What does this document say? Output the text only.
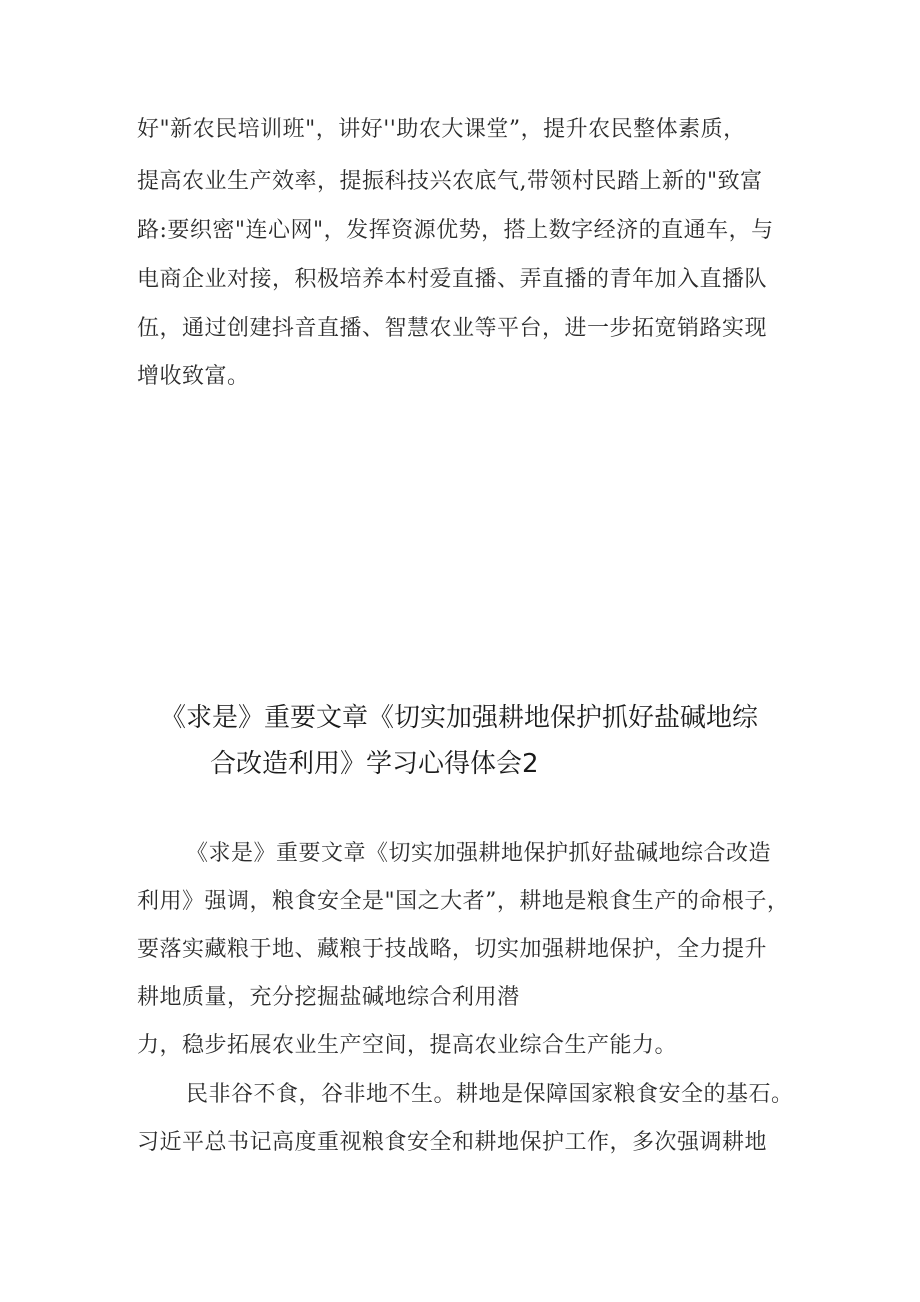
好"新农民培训班"，讲好''助农大课堂”，提升农民整体素质，
提高农业生产效率，提振科技兴农底气,带领村民踏上新的"致富
路:要织密"连心网"，发挥资源优势，搭上数字经济的直通车，与
电商企业对接，积极培养本村爱直播、弄直播的青年加入直播队
伍，通过创建抖音直播、智慧农业等平台，进一步拓宽销路实现
增收致富。
《求是》重要文章《切实加强耕地保护抓好盐碱地综
合改造利用》学习心得体会2
《求是》重要文章《切实加强耕地保护抓好盐碱地综合改造
利用》强调，粮食安全是"国之大者”，耕地是粮食生产的命根子，
要落实藏粮于地、藏粮于技战略，切实加强耕地保护，全力提升
耕地质量，充分挖掘盐碱地综合利用潜
力，稳步拓展农业生产空间，提高农业综合生产能力。
民非谷不食，谷非地不生。耕地是保障国家粮食安全的基石。
习近平总书记高度重视粮食安全和耕地保护工作，多次强调耕地
